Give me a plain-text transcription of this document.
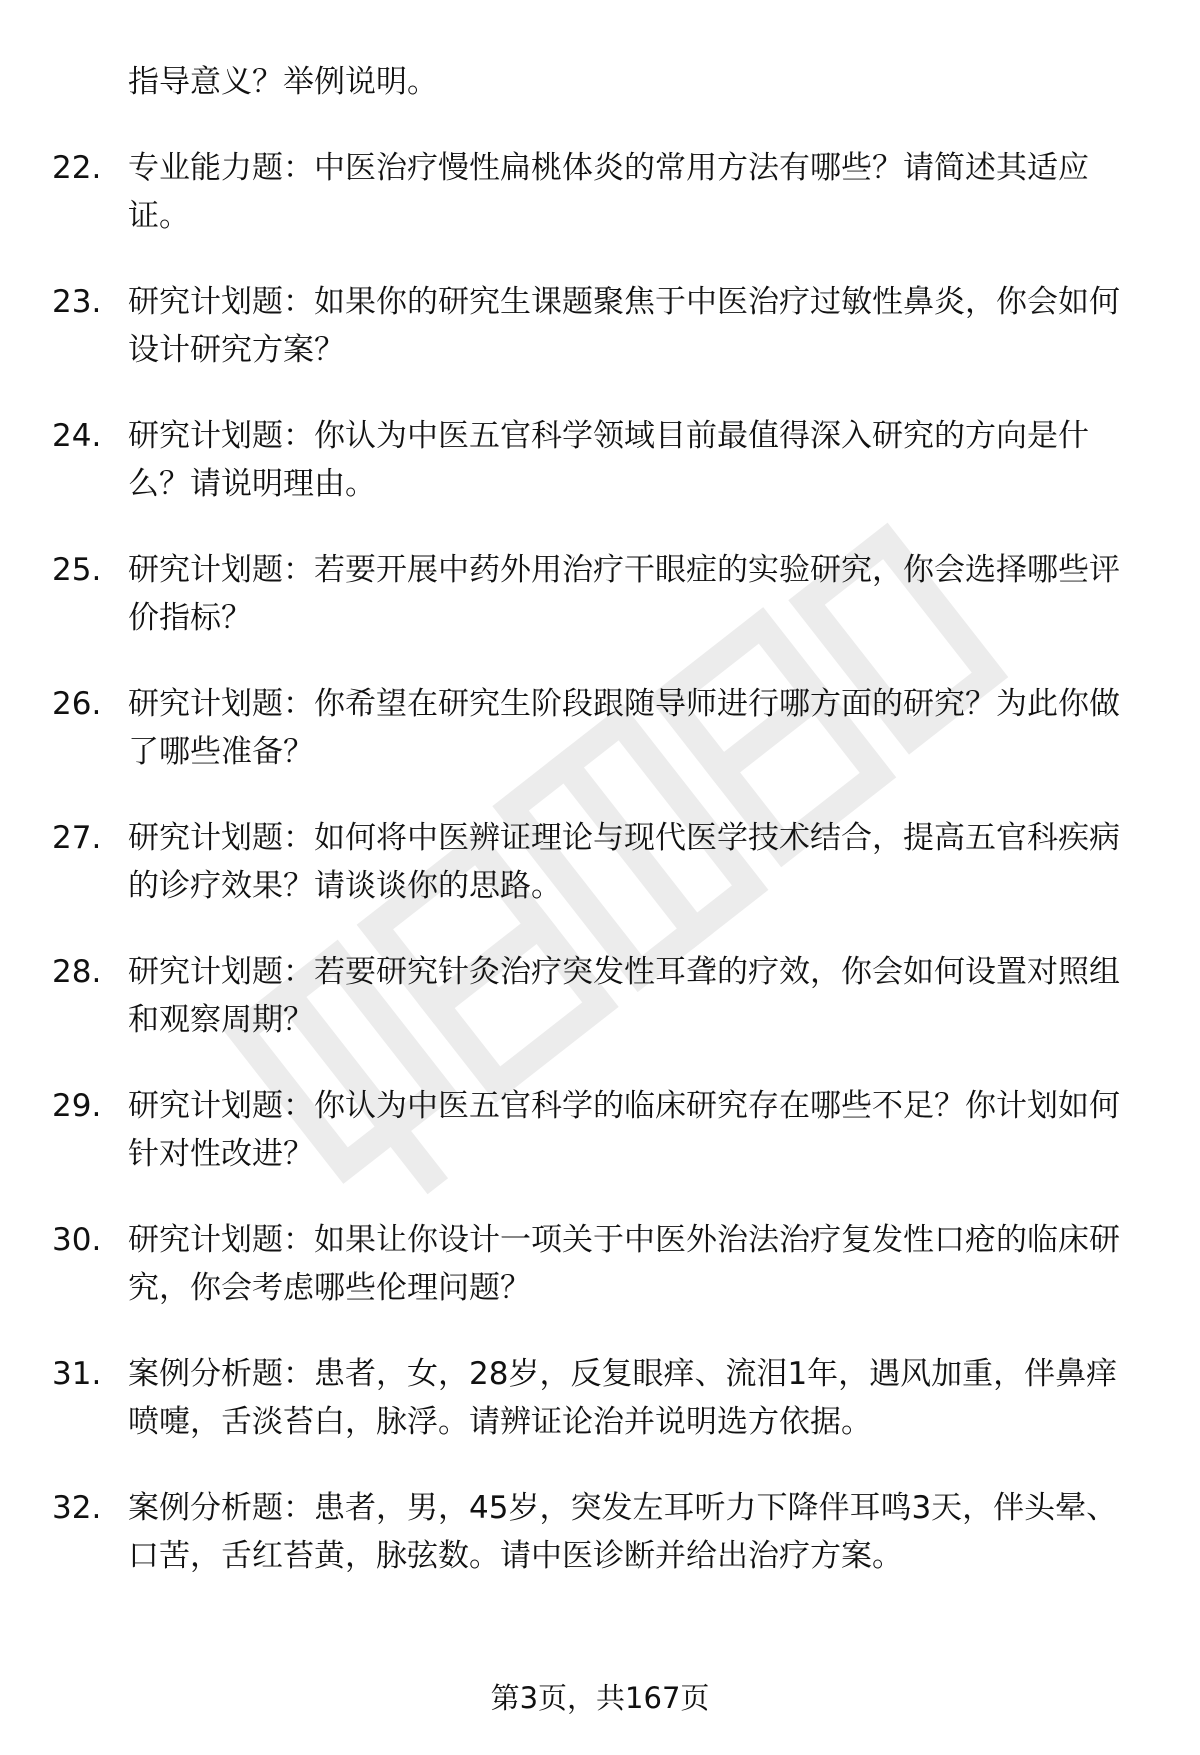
指导意义？举例说明。

22. 专业能力题：中医治疗慢性扁桃体炎的常用方法有哪些？请简述其适应证。
23. 研究计划题：如果你的研究生课题聚焦于中医治疗过敏性鼻炎，你会如何设计研究方案？
24. 研究计划题：你认为中医五官科学领域目前最值得深入研究的方向是什么？请说明理由。
25. 研究计划题：若要开展中药外用治疗干眼症的实验研究，你会选择哪些评价指标？
26. 研究计划题：你希望在研究生阶段跟随导师进行哪方面的研究？为此你做了哪些准备？
27. 研究计划题：如何将中医辨证理论与现代医学技术结合，提高五官科疾病的诊疗效果？请谈谈你的思路。
28. 研究计划题：若要研究针灸治疗突发性耳聋的疗效，你会如何设置对照组和观察周期？
29. 研究计划题：你认为中医五官科学的临床研究存在哪些不足？你计划如何针对性改进？
30. 研究计划题：如果让你设计一项关于中医外治法治疗复发性口疮的临床研究，你会考虑哪些伦理问题？
31. 案例分析题：患者，女，28岁，反复眼痒、流泪1年，遇风加重，伴鼻痒喷嚏，舌淡苔白，脉浮。请辨证论治并说明选方依据。
32. 案例分析题：患者，男，45岁，突发左耳听力下降伴耳鸣3天，伴头晕、口苦，舌红苔黄，脉弦数。请中医诊断并给出治疗方案。
第3页，共167页
